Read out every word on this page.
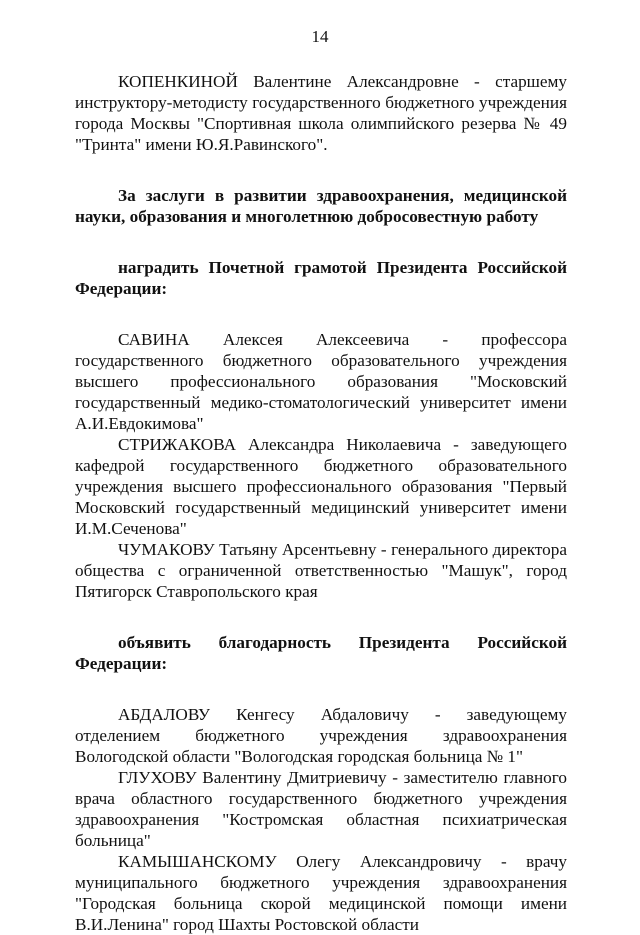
14

КОПЕНКИНОЙ Валентине Александровне - старшему инструктору-методисту государственного бюджетного учреждения города Москвы "Спортивная школа олимпийского резерва № 49 "Тринта" имени Ю.Я.Равинского".

За заслуги в развитии здравоохранения, медицинской науки, образования и многолетнюю добросовестную работу

наградить Почетной грамотой Президента Российской Федерации:

САВИНА Алексея Алексеевича - профессора государственного бюджетного образовательного учреждения высшего профессионального образования "Московский государственный медико-стоматологический университет имени А.И.Евдокимова"

СТРИЖАКОВА Александра Николаевича - заведующего кафедрой государственного бюджетного образовательного учреждения высшего профессионального образования "Первый Московский государственный медицинский университет имени И.М.Сеченова"

ЧУМАКОВУ Татьяну Арсентьевну - генерального директора общества с ограниченной ответственностью "Машук", город Пятигорск Ставропольского края

объявить благодарность Президента Российской Федерации:

АБДАЛОВУ Кенгесу Абдаловичу - заведующему отделением бюджетного учреждения здравоохранения Вологодской области "Вологодская городская больница № 1"

ГЛУХОВУ Валентину Дмитриевичу - заместителю главного врача областного государственного бюджетного учреждения здравоохранения "Костромская областная психиатрическая больница"

КАМЫШАНСКОМУ Олегу Александровичу - врачу муниципального бюджетного учреждения здравоохранения "Городская больница скорой медицинской помощи имени В.И.Ленина" город Шахты Ростовской области
